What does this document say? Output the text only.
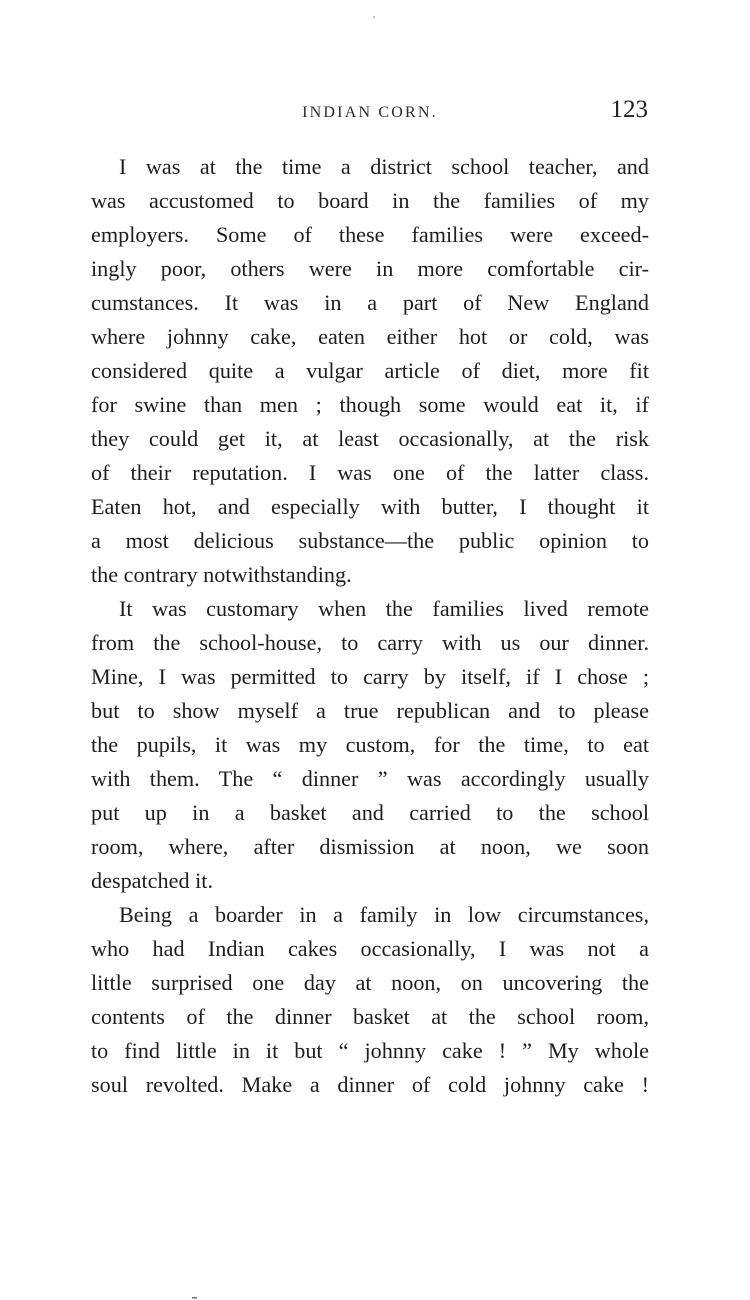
INDIAN CORN.	123
I was at the time a district school teacher, and
was accustomed to board in the families of my
employers. Some of these families were exceed-
ingly poor, others were in more comfortable cir-
cumstances. It was in a part of New England
where johnny cake, eaten either hot or cold, was
considered quite a vulgar article of diet, more fit
for swine than men ; though some would eat it, if
they could get it, at least occasionally, at the risk
of their reputation. I was one of the latter class.
Eaten hot, and especially with butter, I thought it
a most delicious substance—the public opinion to
the contrary notwithstanding.
It was customary when the families lived remote
from the school-house, to carry with us our dinner.
Mine, I was permitted to carry by itself, if I chose ;
but to show myself a true republican and to please
the pupils, it was my custom, for the time, to eat
with them. The “ dinner ” was accordingly usually
put up in a basket and carried to the school
room, where, after dismission at noon, we soon
despatched it.
Being a boarder in a family in low circumstances,
who had Indian cakes occasionally, I was not a
little surprised one day at noon, on uncovering the
contents of the dinner basket at the school room,
to find little in it but “ johnny cake ! ” My whole
soul revolted. Make a dinner of cold johnny cake !
